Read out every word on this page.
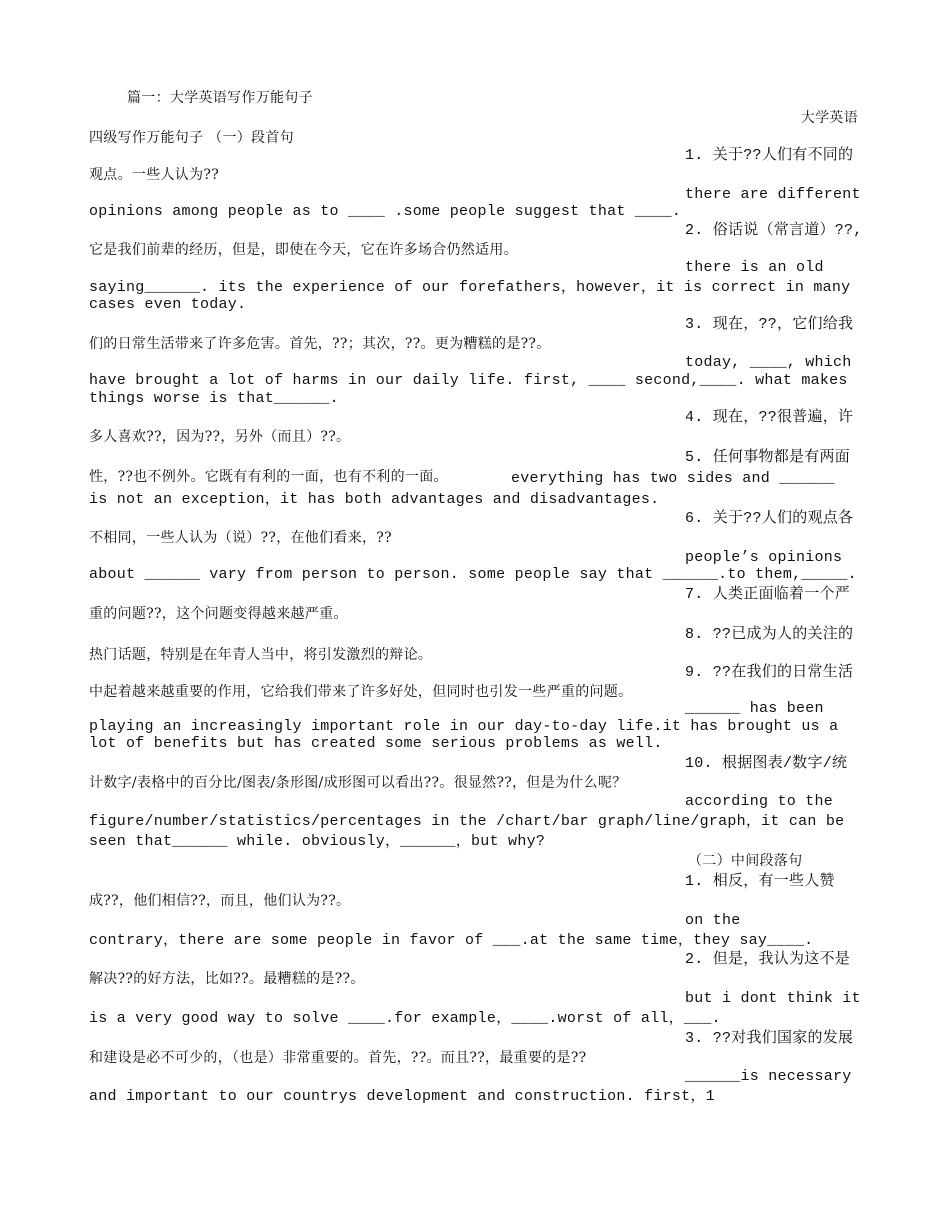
篇一：大学英语写作万能句子
大学英语
四级写作万能句子 （一）段首句
1. 关于??人们有不同的
观点。一些人认为??
there are different
opinions among people as to ____ .some people suggest that ____.
2. 俗话说（常言道）??,
它是我们前辈的经历，但是，即使在今天，它在许多场合仍然适用。
there is an old
saying______. its the experience of our forefathers，however，it is correct in many
cases even today.
3. 现在，??，它们给我
们的日常生活带来了许多危害。首先，??；其次，??。更为糟糕的是??。
today, ____, which
have brought a lot of harms in our daily life. first, ____ second,____. what makes
things worse is that______.
4. 现在，??很普遍，许
多人喜欢??，因为??，另外（而且）??。
5. 任何事物都是有两面
性，??也不例外。它既有有利的一面，也有不利的一面。	everything has two sides and ______
is not an exception，it has both advantages and disadvantages.
6. 关于??人们的观点各
不相同，一些人认为（说）??，在他们看来，??
people’s opinions
about ______ vary from person to person. some people say that ______.to them,_____.
7. 人类正面临着一个严
重的问题??，这个问题变得越来越严重。
8. ??已成为人的关注的
热门话题，特别是在年青人当中，将引发激烈的辩论。
9. ??在我们的日常生活
中起着越来越重要的作用，它给我们带来了许多好处，但同时也引发一些严重的问题。
______ has been
playing an increasingly important role in our day-to-day life.it has brought us a
lot of benefits but has created some serious problems as well.
10. 根据图表/数字/统
计数字/表格中的百分比/图表/条形图/成形图可以看出??。很显然??，但是为什么呢？
according to the
figure/number/statistics/percentages in the /chart/bar graph/line/graph，it can be
seen that______ while. obviously，______，but why?
（二）中间段落句
1. 相反，有一些人赞
成??，他们相信??，而且，他们认为??。
on the
contrary，there are some people in favor of ___.at the same time，they say____.
2. 但是，我认为这不是
解决??的好方法，比如??。最糟糕的是??。
but i dont think it
is a very good way to solve ____.for example，____.worst of all，___.
3. ??对我们国家的发展
和建设是必不可少的，（也是）非常重要的。首先，??。而且??，最重要的是??
______is necessary
and important to our countrys development and construction. first，1
